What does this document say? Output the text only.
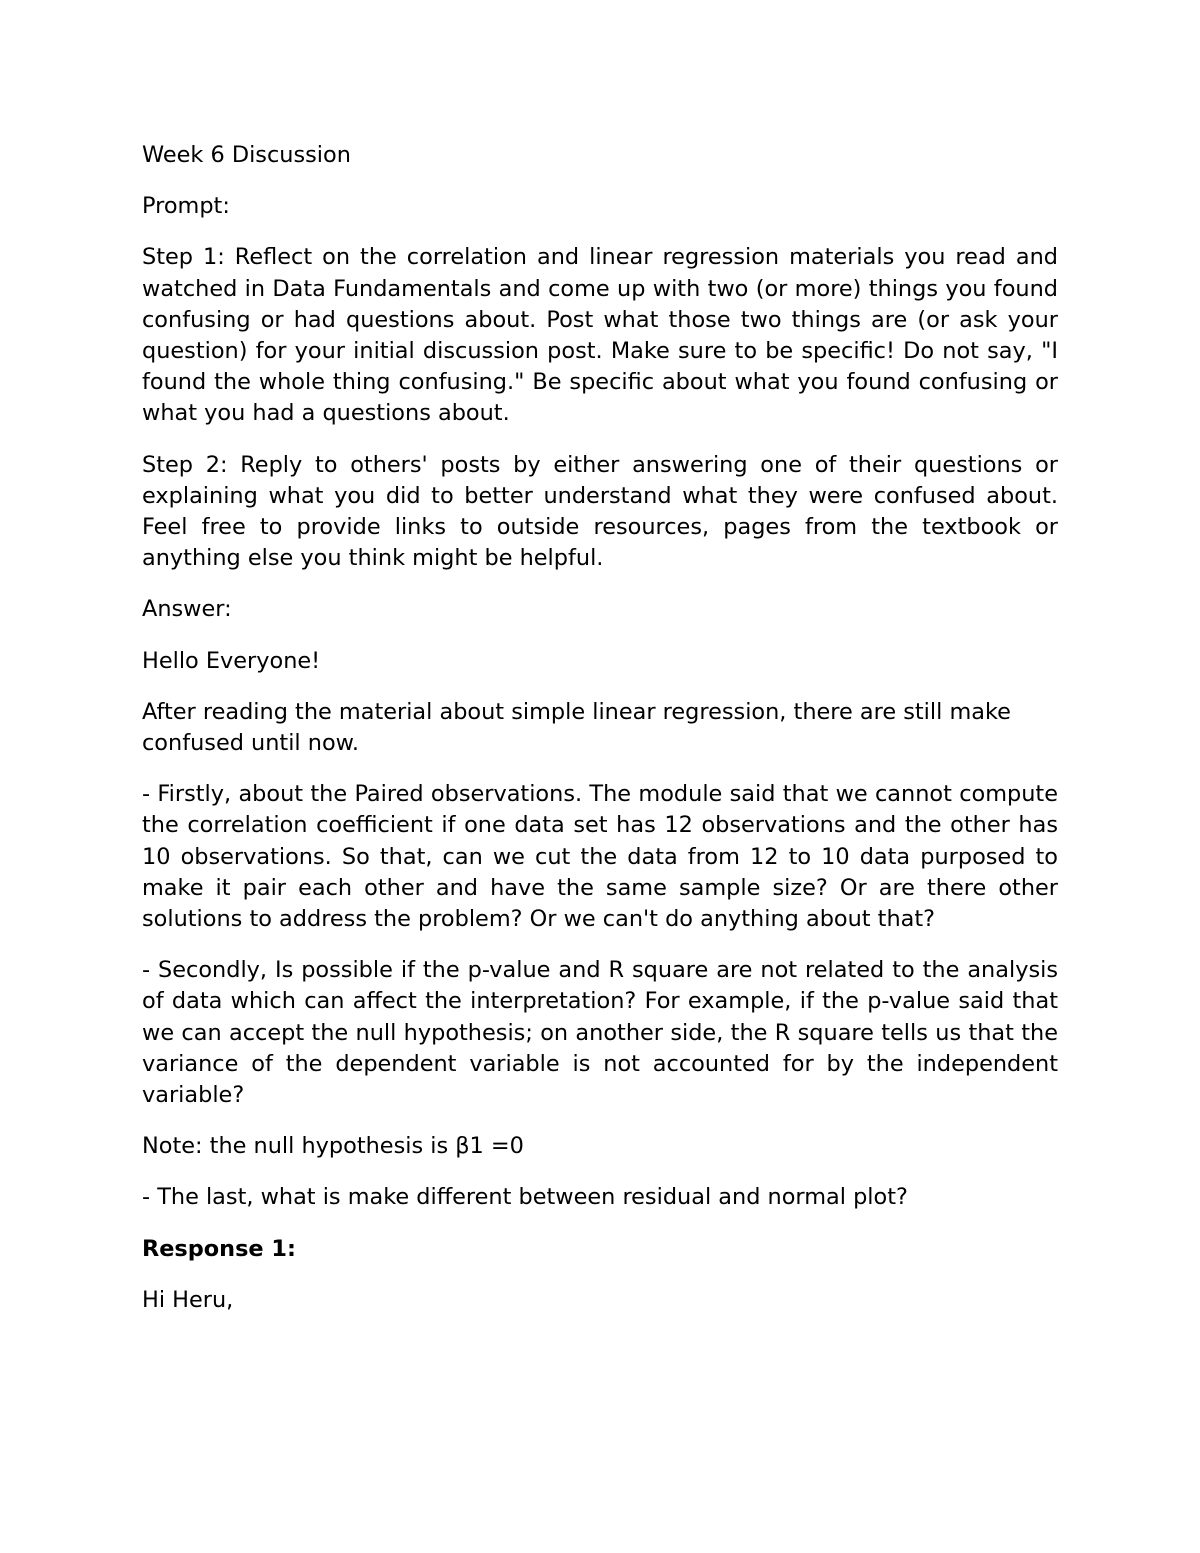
Week 6 Discussion

Prompt:

Step 1: Reflect on the correlation and linear regression materials you read and watched in Data Fundamentals and come up with two (or more) things you found confusing or had questions about. Post what those two things are (or ask your question) for your initial discussion post. Make sure to be specific! Do not say, "I found the whole thing confusing." Be specific about what you found confusing or what you had a questions about.

Step 2: Reply to others' posts by either answering one of their questions or explaining what you did to better understand what they were confused about. Feel free to provide links to outside resources, pages from the textbook or anything else you think might be helpful.

Answer:

Hello Everyone!

After reading the material about simple linear regression, there are still make confused until now.

- Firstly, about the Paired observations. The module said that we cannot compute the correlation coefficient if one data set has 12 observations and the other has 10 observations. So that, can we cut the data from 12 to 10 data purposed to make it pair each other and have the same sample size? Or are there other solutions to address the problem? Or we can't do anything about that?

- Secondly, Is possible if the p-value and R square are not related to the analysis of data which can affect the interpretation? For example, if the p-value said that we can accept the null hypothesis; on another side, the R square tells us that the variance of the dependent variable is not accounted for by the independent variable?

Note: the null hypothesis is β1 =0

- The last, what is make different between residual and normal plot?

Response 1:

Hi Heru,
